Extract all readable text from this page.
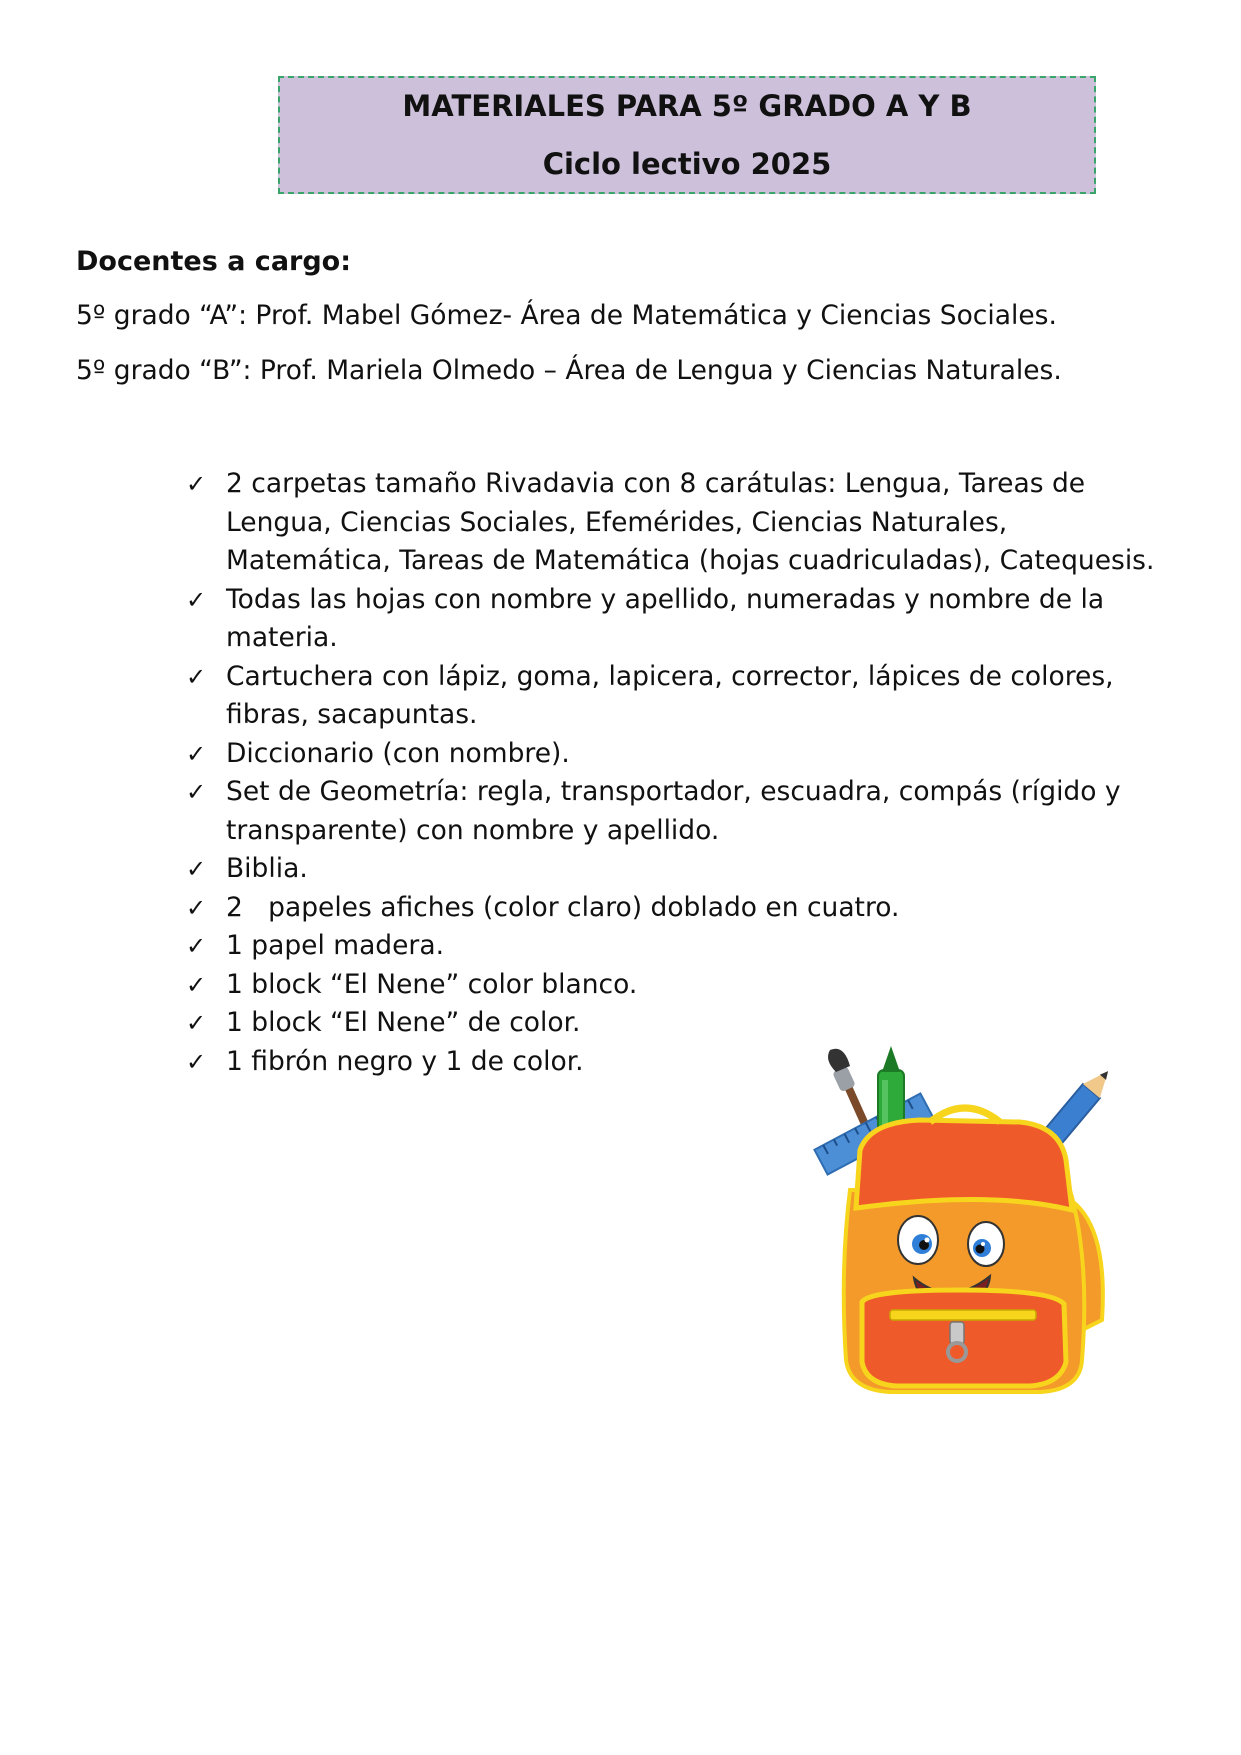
MATERIALES PARA 5º GRADO A Y B
Ciclo lectivo 2025
Docentes a cargo:
5º grado “A”: Prof. Mabel Gómez- Área de Matemática y Ciencias Sociales.
5º grado “B”: Prof. Mariela Olmedo – Área de Lengua y Ciencias Naturales.
✓ 2 carpetas tamaño Rivadavia con 8 carátulas: Lengua, Tareas de Lengua, Ciencias Sociales, Efemérides, Ciencias Naturales, Matemática, Tareas de Matemática (hojas cuadriculadas), Catequesis.
✓ Todas las hojas con nombre y apellido, numeradas y nombre de la materia.
✓ Cartuchera con lápiz, goma, lapicera, corrector, lápices de colores, fibras, sacapuntas.
✓ Diccionario (con nombre).
✓ Set de Geometría: regla, transportador, escuadra, compás (rígido y transparente) con nombre y apellido.
✓ Biblia.
✓ 2   papeles afiches (color claro) doblado en cuatro.
✓ 1 papel madera.
✓ 1 block “El Nene” color blanco.
✓ 1 block “El Nene” de color.
✓ 1 fibrón negro y 1 de color.
